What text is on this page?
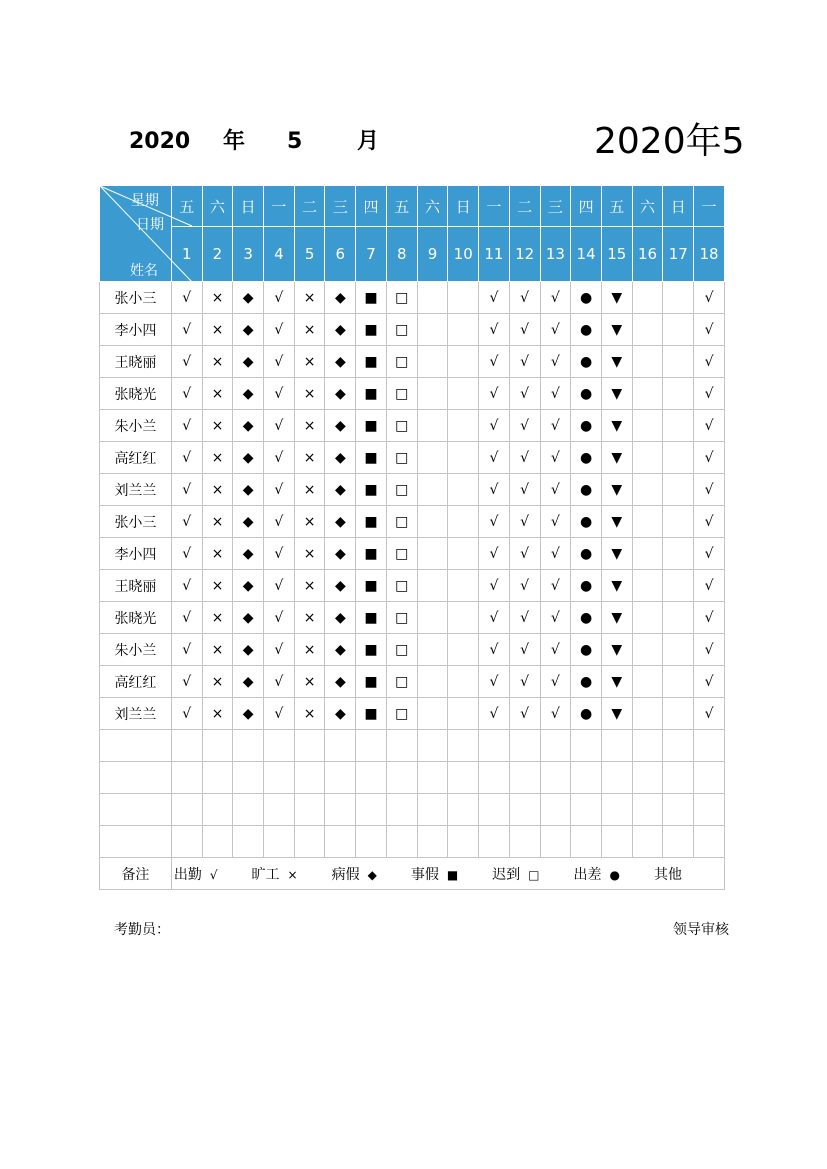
2020 年 5 月	2020年5
星期
日期
姓名	五	六	日	一	二	三	四	五	六	日	一	二	三	四	五	六	日	一
	1	2	3	4	5	6	7	8	9	10	11	12	13	14	15	16	17	18
张小三	√	×	◆	√	×	◆	■	□			√	√	√	●	▼			√
李小四	√	×	◆	√	×	◆	■	□			√	√	√	●	▼			√
王晓丽	√	×	◆	√	×	◆	■	□			√	√	√	●	▼			√
张晓光	√	×	◆	√	×	◆	■	□			√	√	√	●	▼			√
朱小兰	√	×	◆	√	×	◆	■	□			√	√	√	●	▼			√
高红红	√	×	◆	√	×	◆	■	□			√	√	√	●	▼			√
刘兰兰	√	×	◆	√	×	◆	■	□			√	√	√	●	▼			√
张小三	√	×	◆	√	×	◆	■	□			√	√	√	●	▼			√
李小四	√	×	◆	√	×	◆	■	□			√	√	√	●	▼			√
王晓丽	√	×	◆	√	×	◆	■	□			√	√	√	●	▼			√
张晓光	√	×	◆	√	×	◆	■	□			√	√	√	●	▼			√
朱小兰	√	×	◆	√	×	◆	■	□			√	√	√	●	▼			√
高红红	√	×	◆	√	×	◆	■	□			√	√	√	●	▼			√
刘兰兰	√	×	◆	√	×	◆	■	□			√	√	√	●	▼			√

备注	出勤 √ 旷工 × 病假 ◆ 事假 ■ 迟到 □ 出差 ● 其他																	
考勤员：	领导审核
